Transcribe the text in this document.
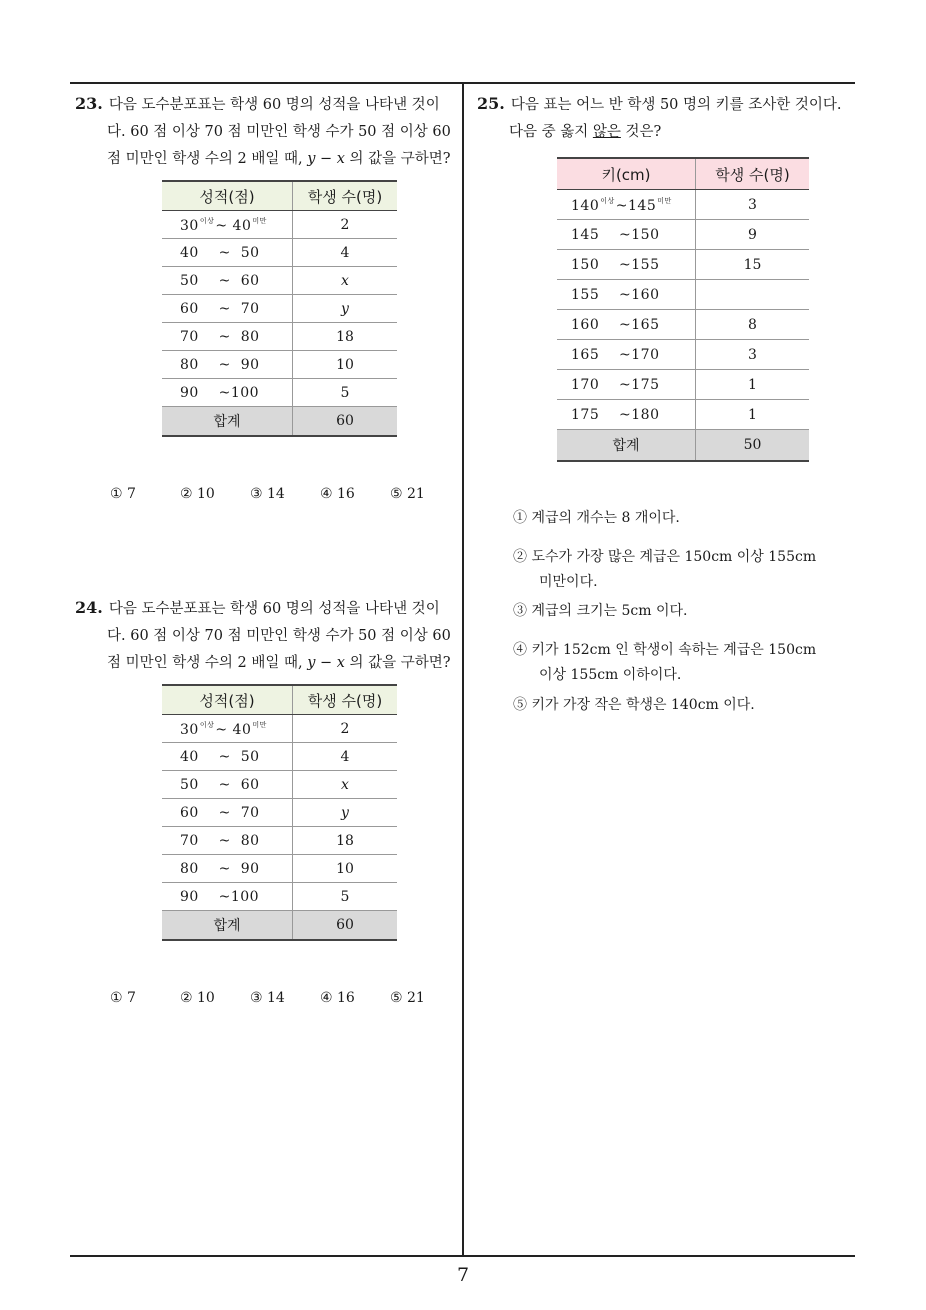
23. 다음 도수분포표는 학생 60 명의 성적을 나타낸 것이
다. 60 점 이상 70 점 미만인 학생 수가 50 점 이상 60
점 미만인 학생 수의 2 배일 때, y − x 의 값을 구하면?
성적(점)	학생 수(명)
$30^{이상}\sim$ $40^{미만}$	2
40    ~  50	4
50    ~  60	x
60    ~  70	y
70    ~  80	18
80    ~  90	10
90    ~100	5
합계	60
① 7	② 10	③ 14	④ 16	⑤ 21
24. 다음 도수분포표는 학생 60 명의 성적을 나타낸 것이
다. 60 점 이상 70 점 미만인 학생 수가 50 점 이상 60
점 미만인 학생 수의 2 배일 때, y − x 의 값을 구하면?
성적(점)	학생 수(명)
$30^{이상}\sim$ $40^{미만}$	2
40    ~  50	4
50    ~  60	x
60    ~  70	y
70    ~  80	18
80    ~  90	10
90    ~100	5
합계	60
① 7	② 10	③ 14	④ 16	⑤ 21
25. 다음 표는 어느 반 학생 50 명의 키를 조사한 것이다.
다음 중 옳지 않은 것은?
키(cm)	학생 수(명)
$140^{이상}\sim 145^{미만}$	3
145    ~150	9
150    ~155	15
155    ~160	
160    ~165	8
165    ~170	3
170    ~175	1
175    ~180	1
합계	50
① 계급의 개수는 8 개이다.
② 도수가 가장 많은 계급은 150cm 이상 155cm
미만이다.
③ 계급의 크기는 5cm 이다.
④ 키가 152cm 인 학생이 속하는 계급은 150cm
이상 155cm 이하이다.
⑤ 키가 가장 작은 학생은 140cm 이다.
7
